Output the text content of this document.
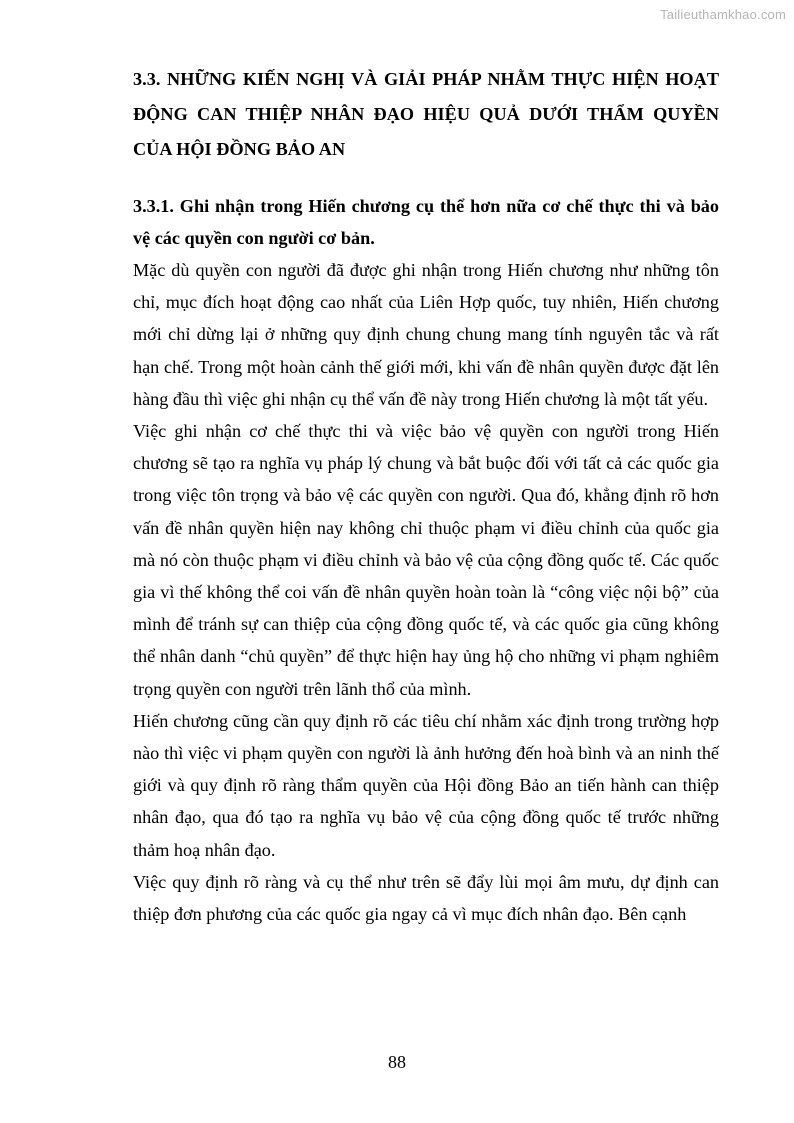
Tailieuthamkhao.com
3.3. NHỮNG KIẾN NGHỊ VÀ GIẢI PHÁP NHẰM THỰC HIỆN HOẠT ĐỘNG CAN THIỆP NHÂN ĐẠO HIỆU QUẢ DƯỚI THẨM QUYỀN CỦA HỘI ĐỒNG BẢO AN
3.3.1. Ghi nhận trong Hiến chương cụ thể hơn nữa cơ chế thực thi và bảo vệ các quyền con người cơ bản.

Mặc dù quyền con người đã được ghi nhận trong Hiến chương như những tôn chỉ, mục đích hoạt động cao nhất của Liên Hợp quốc, tuy nhiên, Hiến chương mới chỉ dừng lại ở những quy định chung chung mang tính nguyên tắc và rất hạn chế. Trong một hoàn cảnh thế giới mới, khi vấn đề nhân quyền được đặt lên hàng đầu thì việc ghi nhận cụ thể vấn đề này trong Hiến chương là một tất yếu.

Việc ghi nhận cơ chế thực thi và việc bảo vệ quyền con người trong Hiến chương sẽ tạo ra nghĩa vụ pháp lý chung và bắt buộc đối với tất cả các quốc gia trong việc tôn trọng và bảo vệ các quyền con người. Qua đó, khẳng định rõ hơn vấn đề nhân quyền hiện nay không chỉ thuộc phạm vi điều chỉnh của quốc gia mà nó còn thuộc phạm vi điều chỉnh và bảo vệ của cộng đồng quốc tế. Các quốc gia vì thế không thể coi vấn đề nhân quyền hoàn toàn là “công việc nội bộ” của mình để tránh sự can thiệp của cộng đồng quốc tế, và các quốc gia cũng không thể nhân danh “chủ quyền” để thực hiện hay ủng hộ cho những vi phạm nghiêm trọng quyền con người trên lãnh thổ của mình.

Hiến chương cũng cần quy định rõ các tiêu chí nhằm xác định trong trường hợp nào thì việc vi phạm quyền con người là ảnh hưởng đến hoà bình và an ninh thế giới và quy định rõ ràng thẩm quyền của Hội đồng Bảo an tiến hành can thiệp nhân đạo, qua đó tạo ra nghĩa vụ bảo vệ của cộng đồng quốc tế trước những thảm hoạ nhân đạo.

Việc quy định rõ ràng và cụ thể như trên sẽ đẩy lùi mọi âm mưu, dự định can thiệp đơn phương của các quốc gia ngay cả vì mục đích nhân đạo. Bên cạnh

88
